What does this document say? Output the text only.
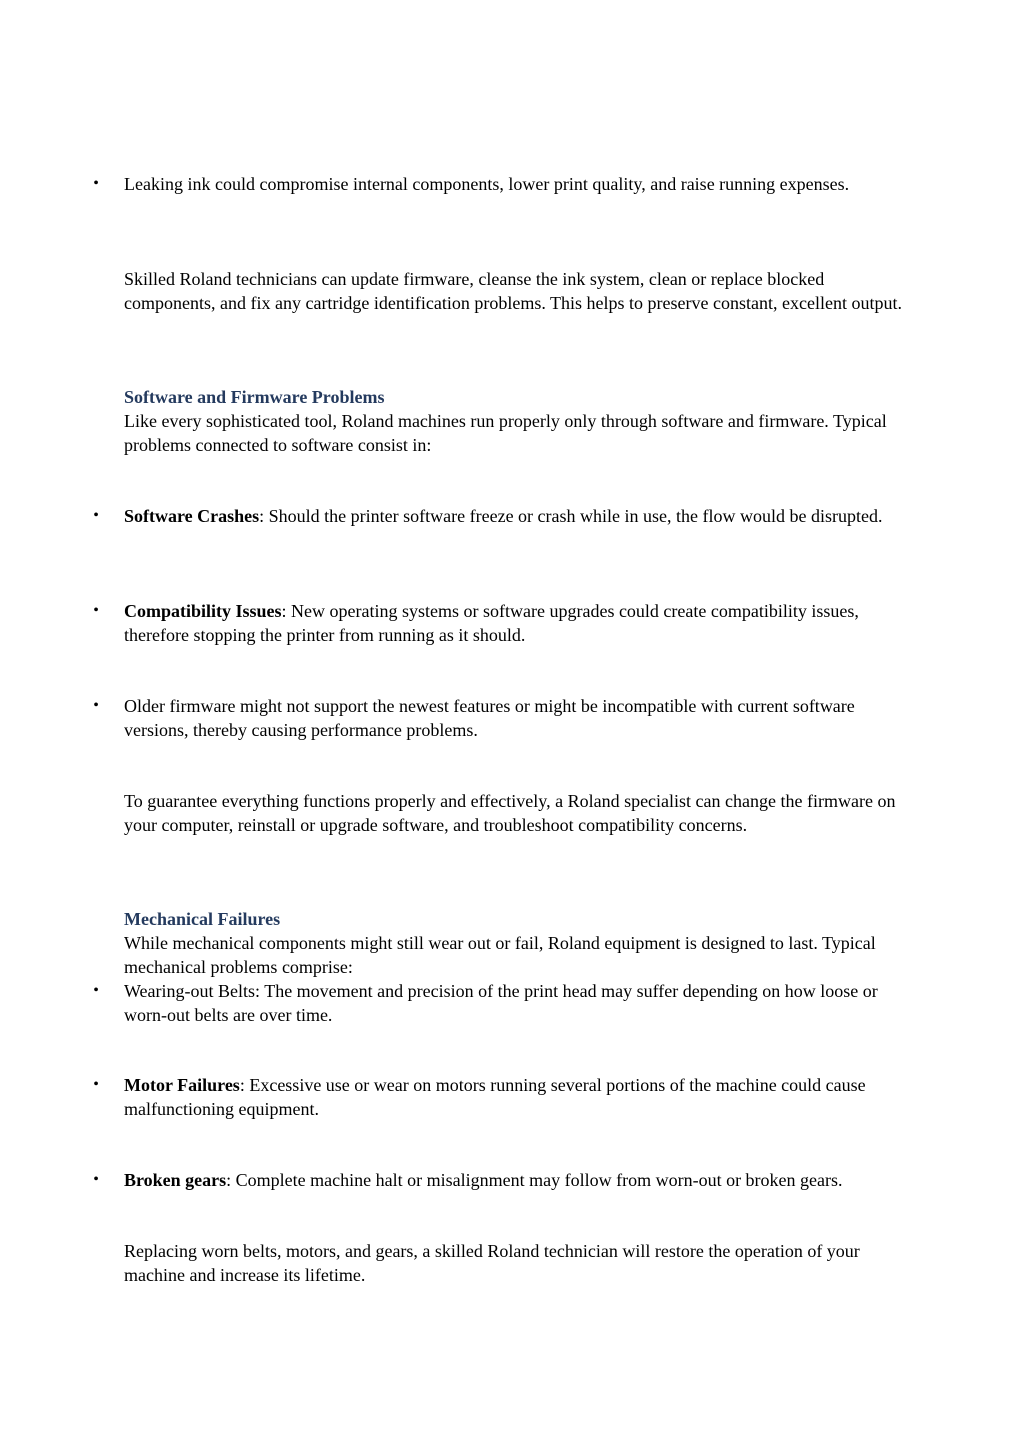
• Leaking ink could compromise internal components, lower print quality, and raise running expenses.

Skilled Roland technicians can update firmware, cleanse the ink system, clean or replace blocked components, and fix any cartridge identification problems. This helps to preserve constant, excellent output.

Software and Firmware Problems
Like every sophisticated tool, Roland machines run properly only through software and firmware. Typical problems connected to software consist in:
• Software Crashes: Should the printer software freeze or crash while in use, the flow would be disrupted.

• Compatibility Issues: New operating systems or software upgrades could create compatibility issues, therefore stopping the printer from running as it should.

• Older firmware might not support the newest features or might be incompatible with current software versions, thereby causing performance problems.

To guarantee everything functions properly and effectively, a Roland specialist can change the firmware on your computer, reinstall or upgrade software, and troubleshoot compatibility concerns.

Mechanical Failures
While mechanical components might still wear out or fail, Roland equipment is designed to last. Typical mechanical problems comprise:
• Wearing-out Belts: The movement and precision of the print head may suffer depending on how loose or worn-out belts are over time.

• Motor Failures: Excessive use or wear on motors running several portions of the machine could cause malfunctioning equipment.

• Broken gears: Complete machine halt or misalignment may follow from worn-out or broken gears.

Replacing worn belts, motors, and gears, a skilled Roland technician will restore the operation of your machine and increase its lifetime.
